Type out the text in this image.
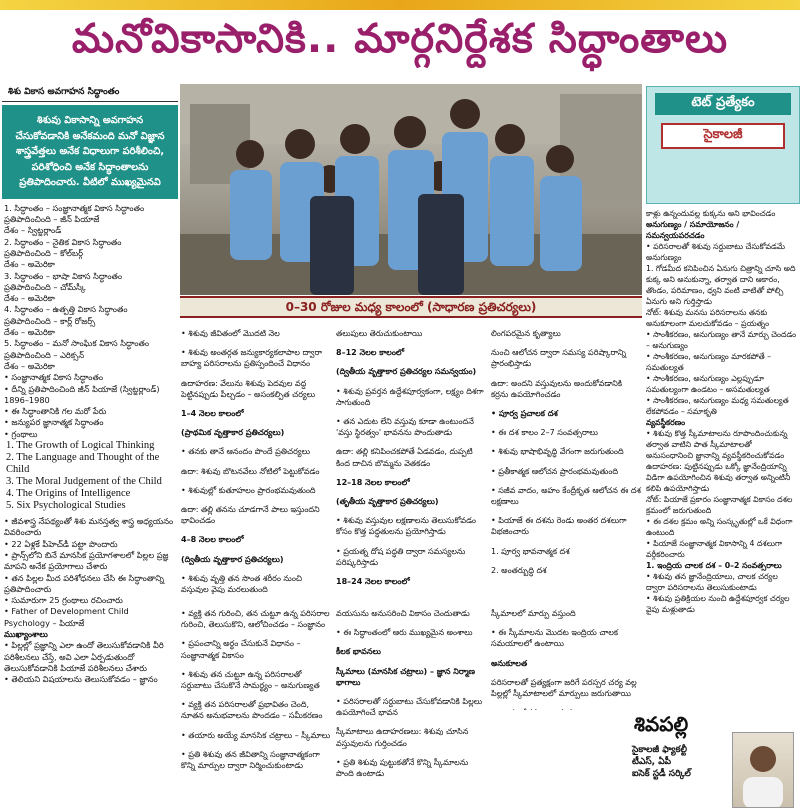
మనోవికాసానికి.. మార్గనిర్దేశక సిద్ధాంతాలు
శిశు వికాస అవగాహన సిద్ధాంతం
శిశువు వికాసాన్ని అవగాహన చేసుకోవడానికి అనేకమంది మనో విజ్ఞాన శాస్త్రవేత్తలు అనేక విధాలుగా పరిశీలించి, పరిశోధించి అనేక సిద్ధాంతాలను ప్రతిపాదించారు. వీటిలో ముఖ్యమైనవి

1. సిద్ధాంతం – సంజ్ఞానాత్మక వికాస సిద్ధాంతం

ప్రతిపాదించింది – జీన్ పియాజే

దేశం – స్విట్జర్లాండ్

2. సిద్ధాంతం – నైతిక వికాస సిద్ధాంతం

ప్రతిపాదించింది – కోల్‌బర్గ్

దేశం – అమెరికా

3. సిద్ధాంతం – భాషా వికాస సిద్ధాంతం

ప్రతిపాదించింది – చోమ్‌స్కీ

దేశం – అమెరికా

4. సిద్ధాంతం – ఉత్పత్తి వికాస సిద్ధాంతం

ప్రతిపాదించింది – కార్ల్ రోజర్స్

దేశం – అమెరికా

5. సిద్ధాంతం – మనో సాంఘిక వికాస సిద్ధాంతం

ప్రతిపాదించింది – ఎరిక్సన్

దేశం – అమెరికా

• సంజ్ఞానాత్మక వికాస సిద్ధాంతం

• దీన్ని ప్రతిపాదించింది జీన్ పియాజే (స్విట్జర్లాండ్) 1896–1980

• ఈ సిద్ధాంతానికి గల మరో పేరు

• జన్యుపర జ్ఞానాత్మక సిద్ధాంతం

• గ్రంథాలు

1. The Growth of Logical Thinking
2. The Language and Thought of the Child
3. The Moral Judgement of the Child
4. The Origins of Intelligence
5. Six Psychological Studies

• జీవశాస్త్ర నేపథ్యంతో శిశు మనస్తత్వ శాస్త్ర అధ్యయనం వివరించారు

• 22 ఏళ్లకే పీహెచ్‌డీ పట్టా పొందారు

• ప్రాన్స్‌లోని బినే మానసిక ప్రయోగశాలలో పిల్లల ప్రజ్ఞ మాపని అనేక ప్రయోగాలు చేశారు

• తన పిల్లల మీద పరిశోధనలు చేసి ఈ సిద్ధాంతాన్ని ప్రతిపాదించారు

• సుమారుగా 25 గ్రంథాలు రచించారు

• Father of Development Child Psychology – పియాజే

ముఖ్యాంశాలు

• పిల్లల్లో ప్రజ్ఞాన్ని ఎలా ఉందో తెలుసుకోవడానికి వీరి పరిశీలనలు చేస్తే, అవి ఎలా ఏర్పడుతుందో తెలుసుకోవడానికి పియాజే పరిశీలనలు చేశారు

• తెలియని విషయాలను తెలుసుకోవడం – జ్ఞానం

0–30 రోజుల మధ్య కాలంలో (సాధారణ ప్రతిచర్యలు)

• శిశువు జీవితంలో మొదటి నెల

• శిశువు అంతర్గత జన్యుకార్యకలాపాల ద్వారా బాహ్య పరిసరాలను ప్రతిస్పందించే విధానం

ఉదాహరణ: వేలును శిశువు పెదవుల వద్ద పెట్టినప్పుడు పీల్చడం – అసంకల్పిత చర్యలు

1–4 నెలల కాలంలో

(ప్రాథమిక వృత్తాకార ప్రతిచర్యలు)

• తనకు తానే ఆనందం పొందే ప్రతిచర్యలు

ఉదా: శిశువు బొటనవేలు నోటిలో పెట్టుకోవడం

• శిశువుల్లో కుతూహలం ప్రారంభమవుతుంది

ఉదా: తల్లి తనను చూడగానే పాలు ఇస్తుందని భావించడం

4–8 నెలల కాలంలో

(ద్వితీయ వృత్తాకార ప్రతిచర్యలు)

• శిశువు వృత్తి తన సొంత శరీరం నుంచి వస్తువుల వైపు మరలుతుంది

తలుపులు తెరుచుకుంటాయి

8–12 నెలల కాలంలో

(ద్వితీయ వృత్తాకార ప్రతిచర్యల సమన్వయం)

• శిశువు ప్రవర్తన ఉద్దేశపూర్వకంగా, లక్ష్యం దిశగా సాగుతుంది

• తన ఎదుట లేని వస్తువు కూడా ఉంటుందనే 'వస్తు స్థిరత్వం' భావనను పొందుతాడు

ఉదా: తల్లి కనిపించకపోతే ఏడవడం, దుప్పటి కింద దాచిన బొమ్మను వెతకడం

12–18 నెలల కాలంలో

(తృతీయ వృత్తాకార ప్రతిచర్యలు)

• శిశువు వస్తువుల లక్షణాలను తెలుసుకోవడం కోసం కొత్త పద్ధతులను ప్రయోగిస్తాడు

• ప్రయత్న దోష పద్ధతి ద్వారా సమస్యలను పరిష్కరిస్తాడు

18–24 నెలల కాలంలో

లింగపరమైన కృత్యాలు

నుంచి ఆలోచన ద్వారా సమస్య పరిష్కారాన్ని ప్రారంభిస్తాడు

ఉదా: అందని వస్తువులను అందుకోవడానికి కర్రను ఉపయోగించడం

• పూర్వ ప్రచాలక దశ

• ఈ దశ కాలం 2–7 సంవత్సరాలు

• శిశువు భాషాభివృద్ధి వేగంగా జరుగుతుంది

• ప్రతీకాత్మక ఆలోచన ప్రారంభమవుతుంది

• సజీవ వాదం, అహం కేంద్రీకృత ఆలోచన ఈ దశ లక్షణాలు

• పియాజే ఈ దశను రెండు అంతర దశలుగా విభజించారు

1. పూర్వ భావనాత్మక దశ

2. అంతర్బుద్ధి దశ

• వ్యక్తి తన గురించి, తన చుట్టూ ఉన్న పరిసరాల గురించి, తెలుసుకొని, ఆలోచించడం – సంజ్ఞానం

• ప్రపంచాన్ని అర్థం చేసుకునే విధానం – సంజ్ఞానాత్మక వికాసం

• శిశువు తన చుట్టూ ఉన్న పరిసరాలతో సర్దుబాటు చేసుకొనే సామర్థ్యం – అనుగుణ్యత

• వ్యక్తి తన పరిసరాలతో ప్రభావితం చెంది, నూతన అనుభవాలను పొందడం – సమీకరణం

• తయారు అయ్యే మానసిక చట్రాలు – స్కీమాలు

• ప్రతి శిశువు తన జీవితాన్ని సంజ్ఞానాత్మకంగా కొన్ని మార్పుల ద్వారా నిర్మించుకుంటాడు

వయసును అనుసరించి వికాసం చెందుతాడు

• ఈ సిద్ధాంతంలో ఆరు ముఖ్యమైన అంశాలు

కీలక భావనలు

స్కీమాలు (మానసిక చట్రాలు) – జ్ఞాన నిర్మాణ భాగాలు

• పరిసరాలతో సర్దుబాటు చేసుకోవడానికి పిల్లలు ఉపయోగించే భావన

స్కీమాటాలు ఉదాహరణలు: శిశువు చూసిన వస్తువులను గుర్తించడం

• ప్రతి శిశువు పుట్టుకతోనే కొన్ని స్కీమాలను పొంది ఉంటాడు

స్కీమాలలో మార్పు వస్తుంది

• ఈ స్కీమాలను మొదట ఇంద్రియ చాలక సమయాలలో ఉంటాయి

అనుకూలత

పరిసరాలతో ప్రత్యక్షంగా జరిగే పరస్పర చర్య వల్ల పిల్లల్లో స్కీమాటాలలో మార్పులు జరుగుతాయి

టెట్ ప్రత్యేకం
సైకాలజీ

కాళ్లు ఉన్నందువల్ల కుక్కను అని భావించడం

అనుగుణ్యం / సమాయోజనం / సమన్వయపరచడం

• పరిసరాలతో శిశువు సర్దుబాటు చేసుకోవడమే అనుగుణ్యం

1. గోడమీద కనిపించిన ఏనుగు చిత్రాన్ని చూసి అది కుక్క అని అనుకున్నా, తర్వాత దాని ఆకారం, తొండం, పరిమాణం, ధ్వని వంటి వాటితో పోల్చి ఏనుగు అని గుర్తిస్తాడు

నోట్: శిశువు మనసు పరిసరాలను తనకు అనుకూలంగా మలచుకోవడం – ప్రయత్నం

• సాంశీకరణం, అనుగుణ్యం తానే మార్చు చెందడం – అనుగుణ్యం

• సాంశీకరణం, అనుగుణ్యం మారకపోతే – సమతుల్యత

• సాంశీకరణం, అనుగుణ్యం ఎల్లప్పుడూ సమతుల్యంగా ఉండటం – అసమతుల్యత

• సాంశీకరణం, అనుగుణ్యం మధ్య సమతుల్యత లేకపోవడం – సమాకృతి

వ్యవస్థీకరణం

• శిశువు కొత్త స్కీమాటాలను రూపొందించుకున్న తర్వాత వాటిని పాత స్కీమాటాలతో అనుసంధానించి జ్ఞానాన్ని వ్యవస్థీకరించుకోవడం

ఉదాహరణ: పుట్టినప్పుడు ఒక్కో జ్ఞానేంద్రియాన్ని విడిగా ఉపయోగించిన శిశువు తర్వాత అన్నింటినీ కలిపి ఉపయోగిస్తాడు

నోట్: పియాజే ప్రకారం సంజ్ఞానాత్మక వికాసం దశల క్రమంలో జరుగుతుంది

• ఈ దశల క్రమం అన్ని సంస్కృతుల్లో ఒకే విధంగా ఉంటుంది

• పియాజే సంజ్ఞానాత్మక వికాసాన్ని 4 దశలుగా వర్గీకరించారు

1. ఇంద్రియ చాలక దశ – 0–2 సంవత్సరాలు

• శిశువు తన జ్ఞానేంద్రియాలు, చాలక చర్యల ద్వారా పరిసరాలను తెలుసుకుంటాడు

• శిశువు ప్రతిక్రియల నుంచి ఉద్దేశపూర్వక చర్యల వైపు మళ్లుతాడు

శివపల్లి
సైకాలజీ ఫ్యాకల్టీ
టీఎస్, ఏపీ
ఐసెక్ స్టడీ సర్కిల్
